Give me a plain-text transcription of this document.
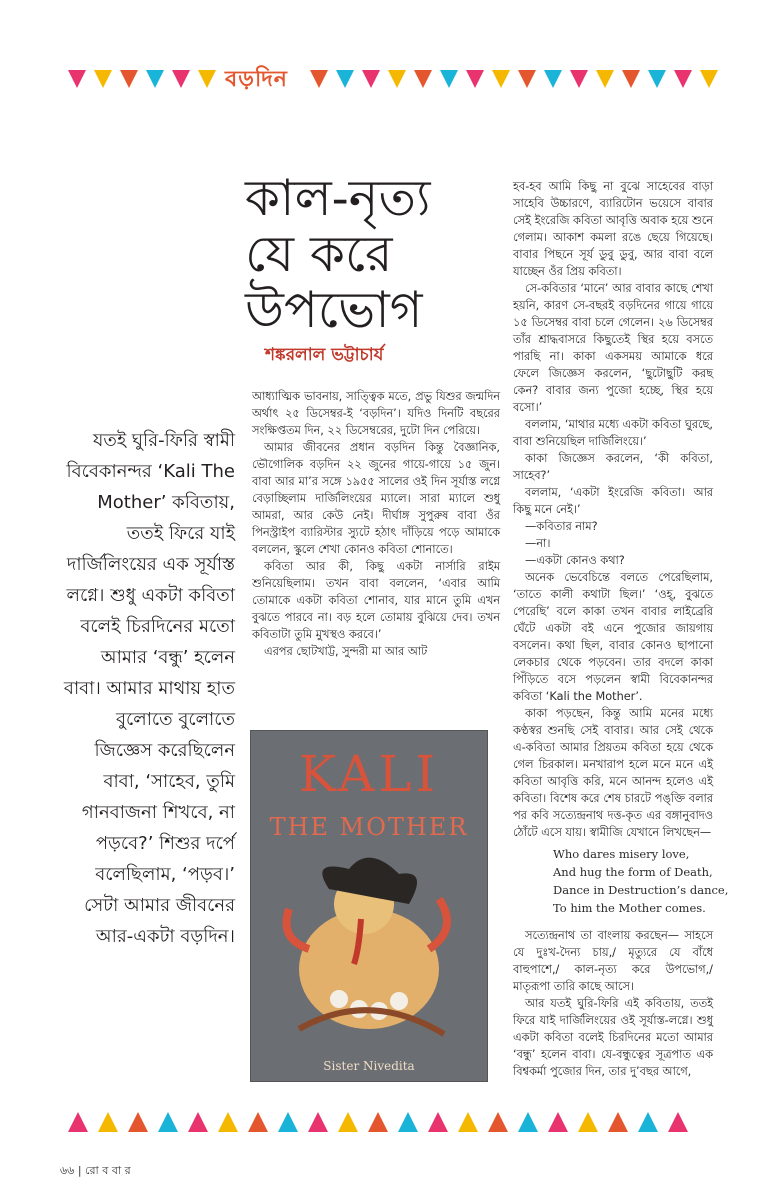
বড়দিন
কাল-নৃত্য
যে করে
উপভোগ
শঙ্করলাল ভট্টাচার্য

যতই ঘুরি-ফিরি স্বামী বিবেকানন্দর ‘Kali The Mother’ কবিতায়, ততই ফিরে যাই দার্জিলিংয়ের এক সূর্যাস্ত লগ্নে। শুধু একটা কবিতা বলেই চিরদিনের মতো আমার ‘বন্ধু’ হলেন বাবা। আমার মাথায় হাত বুলোতে বুলোতে জিজ্ঞেস করেছিলেন বাবা, ‘সাহেব, তুমি গানবাজনা শিখবে, না পড়বে?’ শিশুর দর্পে বলেছিলাম, ‘পড়ব।’ সেটা আমার জীবনের আর-একটা বড়দিন।

আধ্যাত্মিক ভাবনায়, সাত্ত্বিক মতে, প্রভু যিশুর জন্মদিন অর্থাৎ ২৫ ডিসেম্বর-ই ‘বড়দিন’। যদিও দিনটি বছরের সংক্ষিপ্ততম দিন, ২২ ডিসেম্বরের, দুটো দিন পেরিয়ে।

আমার জীবনের প্রধান বড়দিন কিন্তু বৈজ্ঞানিক, ভৌগোলিক বড়দিন ২২ জুনের গায়ে-গায়ে ১৫ জুন। বাবা আর মা’র সঙ্গে ১৯৫৫ সালের ওই দিন সূর্যাস্ত লগ্নে বেড়াচ্ছিলাম দার্জিলিংয়ের ম্যালে। সারা ম্যালে শুধু আমরা, আর কেউ নেই। দীর্ঘাঙ্গ সুপুরুষ বাবা ওঁর পিনস্ট্রাইপ ব্যারিস্টার স্যুটে হঠাৎ দাঁড়িয়ে পড়ে আমাকে বললেন, স্কুলে শেখা কোনও কবিতা শোনাতে।

কবিতা আর কী, কিছু একটা নার্সারি রাইম শুনিয়েছিলাম। তখন বাবা বললেন, ‘এবার আমি তোমাকে একটা কবিতা শোনাব, যার মানে তুমি এখন বুঝতে পারবে না। বড় হলে তোমায় বুঝিয়ে দেব। তখন কবিতাটা তুমি মুখস্থও করবে।’

এরপর ছোটখাট্ট, সুন্দরী মা আর আট

KALI
THE MOTHER
Sister Nivedita

হব-হব আমি কিছু না বুঝে সাহেবের বাড়া সাহেবি উচ্চারণে, ব্যারিটোন ভয়েসে বাবার সেই ইংরেজি কবিতা আবৃত্তি অবাক হয়ে শুনে গেলাম। আকাশ কমলা রঙে ছেয়ে গিয়েছে। বাবার পিছনে সূর্য ডুবু ডুবু, আর বাবা বলে যাচ্ছেন ওঁর প্রিয় কবিতা।

সে-কবিতার ‘মানে’ আর বাবার কাছে শেখা হয়নি, কারণ সে-বছরই বড়দিনের গায়ে গায়ে ১৫ ডিসেম্বর বাবা চলে গেলেন। ২৬ ডিসেম্বর তাঁর শ্রাদ্ধবাসরে কিছুতেই স্থির হয়ে বসতে পারছি না। কাকা একসময় আমাকে ধরে ফেলে জিজ্ঞেস করলেন, ‘ছুটোছুটি করছ কেন? বাবার জন্য পুজো হচ্ছে, স্থির হয়ে বসো।’

বললাম, ‘মাথার মধ্যে একটা কবিতা ঘুরছে, বাবা শুনিয়েছিল দার্জিলিংয়ে।’

কাকা জিজ্ঞেস করলেন, ‘কী কবিতা, সাহেব?’

বললাম, ‘একটা ইংরেজি কবিতা। আর কিছু মনে নেই।’

—কবিতার নাম?

—না।

—একটা কোনও কথা?

অনেক ভেবেচিন্তে বলতে পেরেছিলাম, ‘তাতে কালী কথাটা ছিল।’ ‘ওহ্‌, বুঝতে পেরেছি’ বলে কাকা তখন বাবার লাইব্রেরি ঘেঁটে একটা বই এনে পুজোর জায়গায় বসলেন। কথা ছিল, বাবার কোনও ছাপানো লেকচার থেকে পড়বেন। তার বদলে কাকা পিঁড়িতে বসে পড়লেন স্বামী বিবেকানন্দর কবিতা ‘Kali the Mother’.

কাকা পড়ছেন, কিন্তু আমি মনের মধ্যে কণ্ঠস্বর শুনছি সেই বাবার। আর সেই থেকে এ-কবিতা আমার প্রিয়তম কবিতা হয়ে থেকে গেল চিরকাল। মনখারাপ হলে মনে মনে এই কবিতা আবৃত্তি করি, মনে আনন্দ হলেও এই কবিতা। বিশেষ করে শেষ চারটে পঙ্‌ক্তি বলার পর কবি সত্যেন্দ্রনাথ দত্ত-কৃত এর বঙ্গানুবাদও ঠোঁটে এসে যায়। স্বামীজি যেখানে লিখছেন—

Who dares misery love,
And hug the form of Death,
Dance in Destruction’s dance,
To him the Mother comes.

সত্যেন্দ্রনাথ তা বাংলায় করছেন— সাহসে যে দুঃখ-দৈন্য চায়,/ মৃত্যুরে যে বাঁধে বাহুপাশে,/ কাল-নৃত্য করে উপভোগ,/ মাতৃরূপা তারি কাছে আসে।

আর যতই ঘুরি-ফিরি এই কবিতায়, ততই ফিরে যাই দার্জিলিংয়ের ওই সূর্যাস্ত-লগ্নে। শুধু একটা কবিতা বলেই চিরদিনের মতো আমার ‘বন্ধু’ হলেন বাবা। যে-বন্ধুত্বের সূত্রপাত এক বিশ্বকর্মা পুজোর দিন, তার দু’বছর আগে,

৬৬ | রো ব বা র
